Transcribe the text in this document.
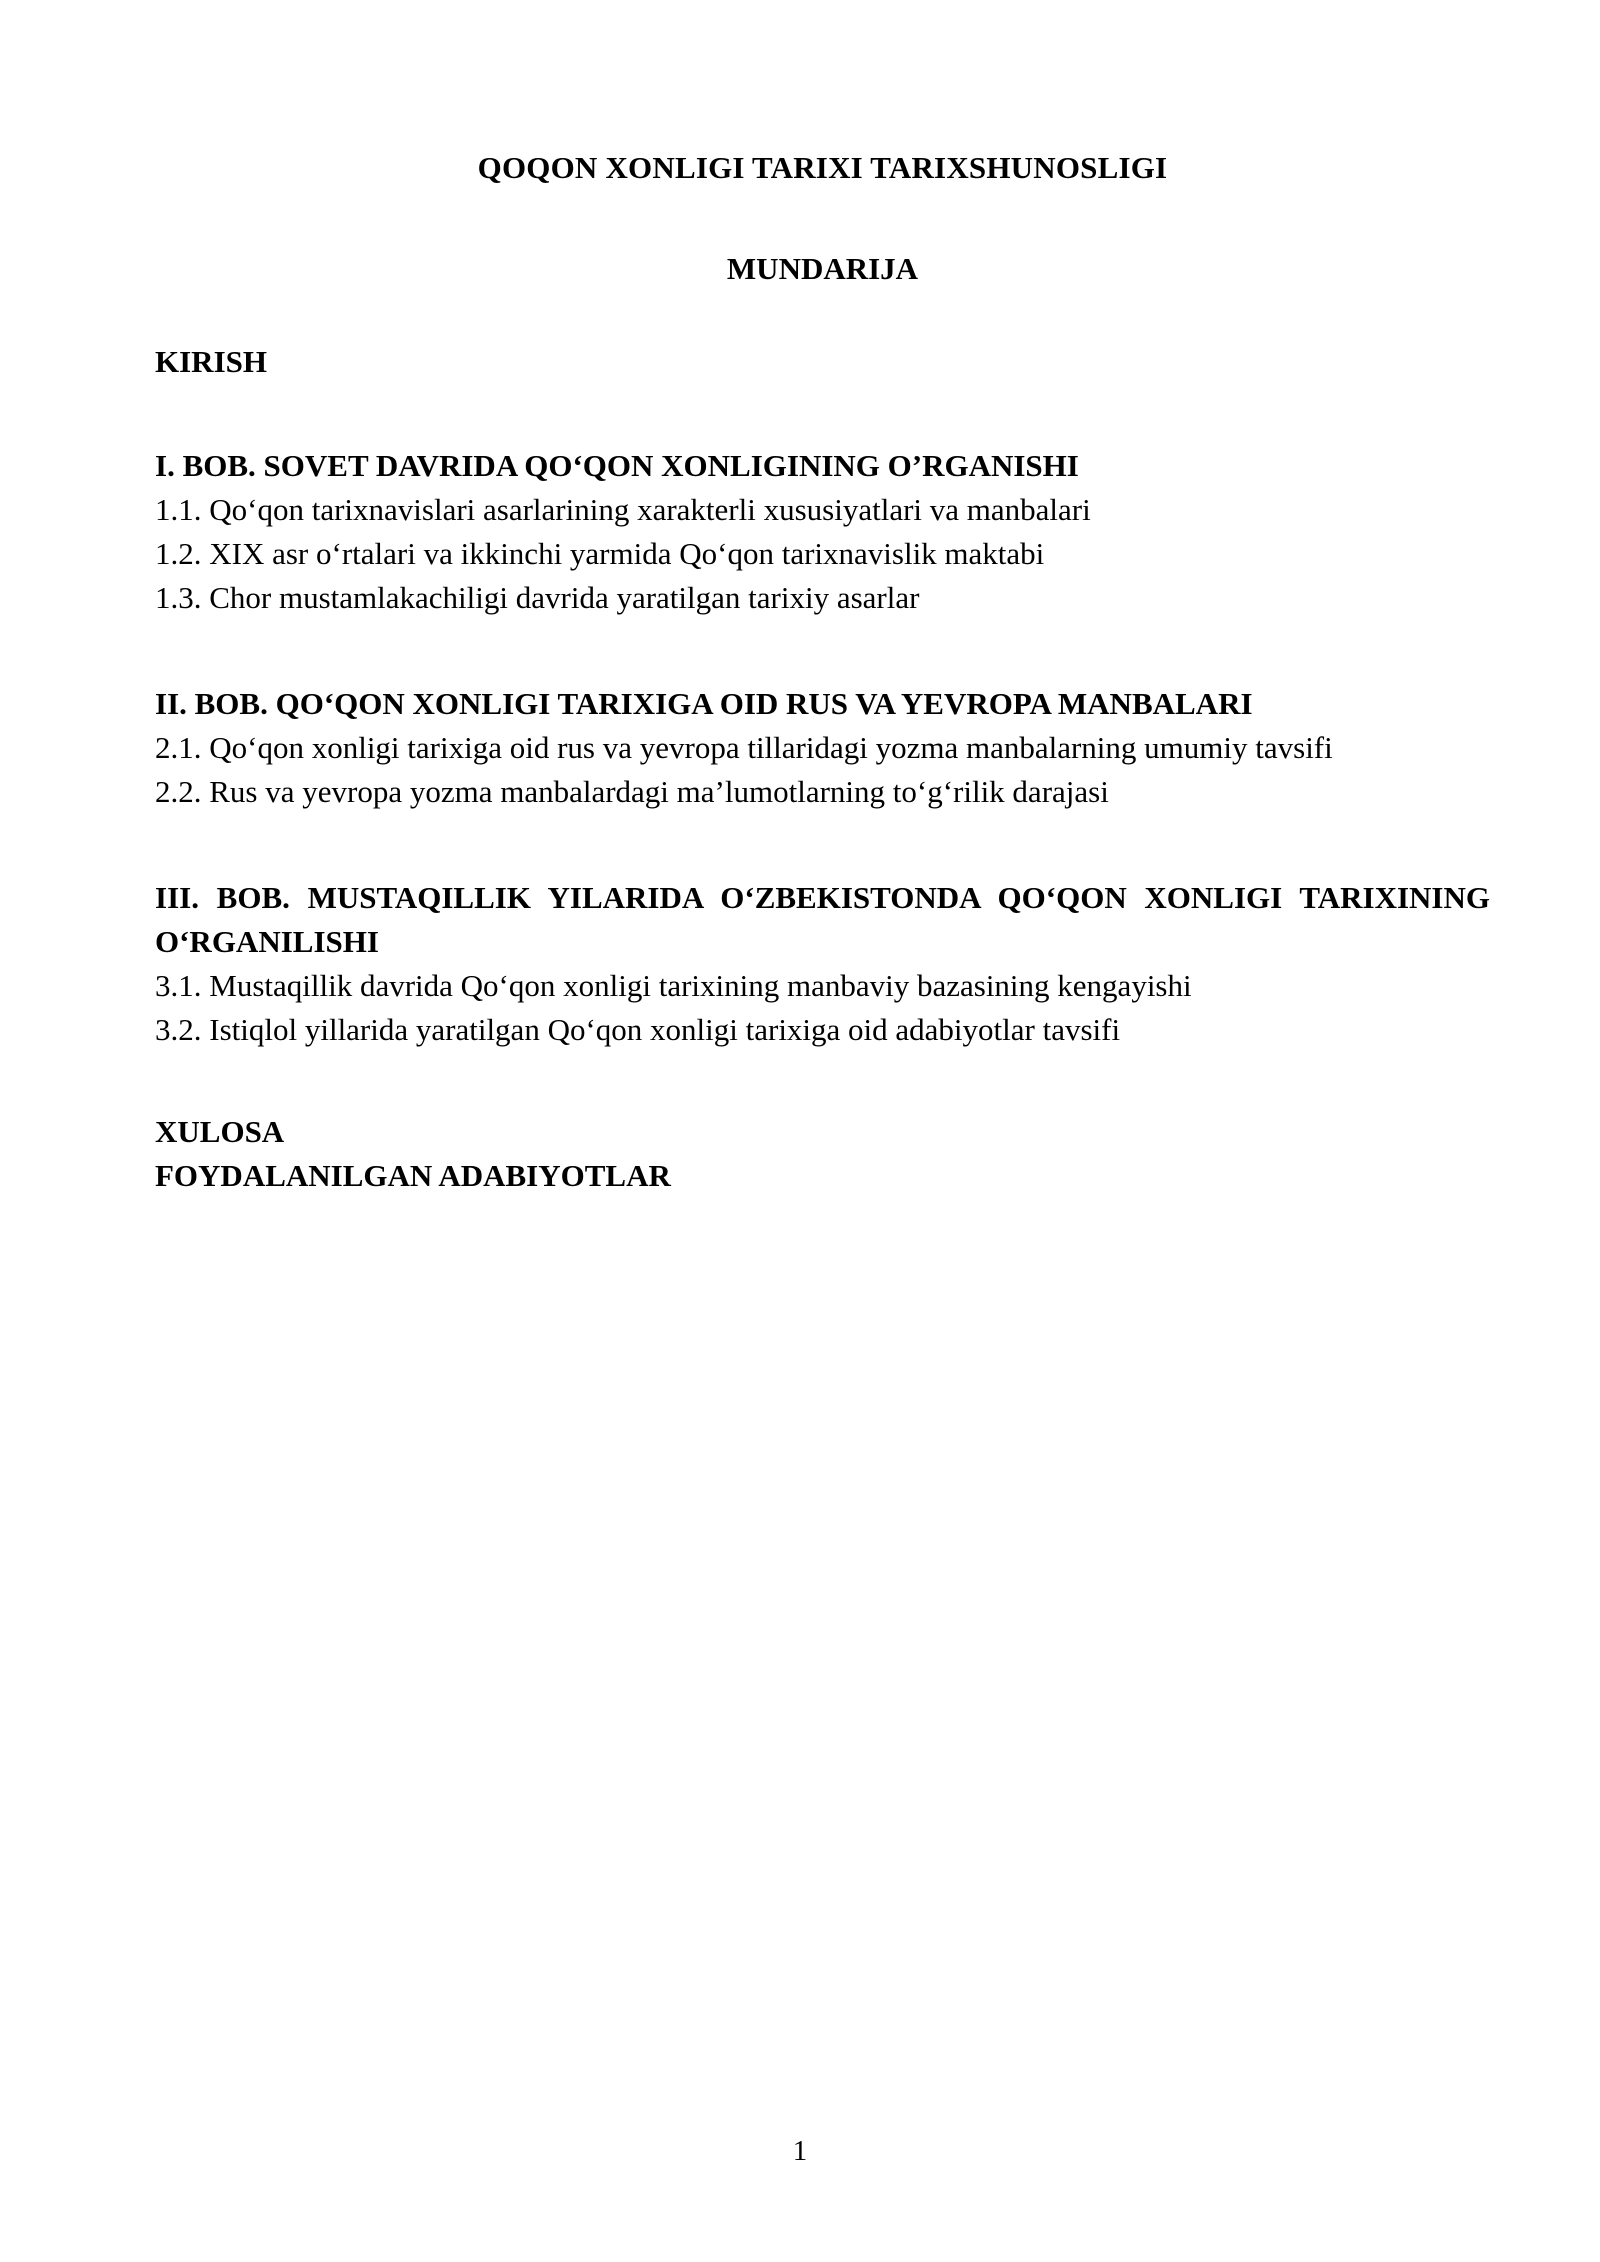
QOQON XONLIGI TARIXI TARIXSHUNOSLIGI
MUNDARIJA

KIRISH

I. BOB. SOVET DAVRIDA QO‘QON XONLIGINING O’RGANISHI

1.1. Qo‘qon tarixnavislari asarlarining xarakterli xususiyatlari va manbalari

1.2. XIX asr o‘rtalari va ikkinchi yarmida Qo‘qon tarixnavislik maktabi

1.3. Chor mustamlakachiligi davrida yaratilgan tarixiy asarlar

II. BOB. QO‘QON XONLIGI TARIXIGA OID RUS VA YEVROPA MANBALARI

2.1. Qo‘qon xonligi tarixiga oid rus va yevropa tillaridagi yozma manbalarning umumiy tavsifi

2.2. Rus va yevropa yozma manbalardagi ma’lumotlarning to‘g‘rilik darajasi

III. BOB. MUSTAQILLIK YILARIDA O‘ZBEKISTONDA QO‘QON XONLIGI TARIXINING O‘RGANILISHI

3.1. Mustaqillik davrida Qo‘qon xonligi tarixining manbaviy bazasining kengayishi

3.2. Istiqlol yillarida yaratilgan Qo‘qon xonligi tarixiga oid adabiyotlar tavsifi

XULOSA

FOYDALANILGAN ADABIYOTLAR

1
